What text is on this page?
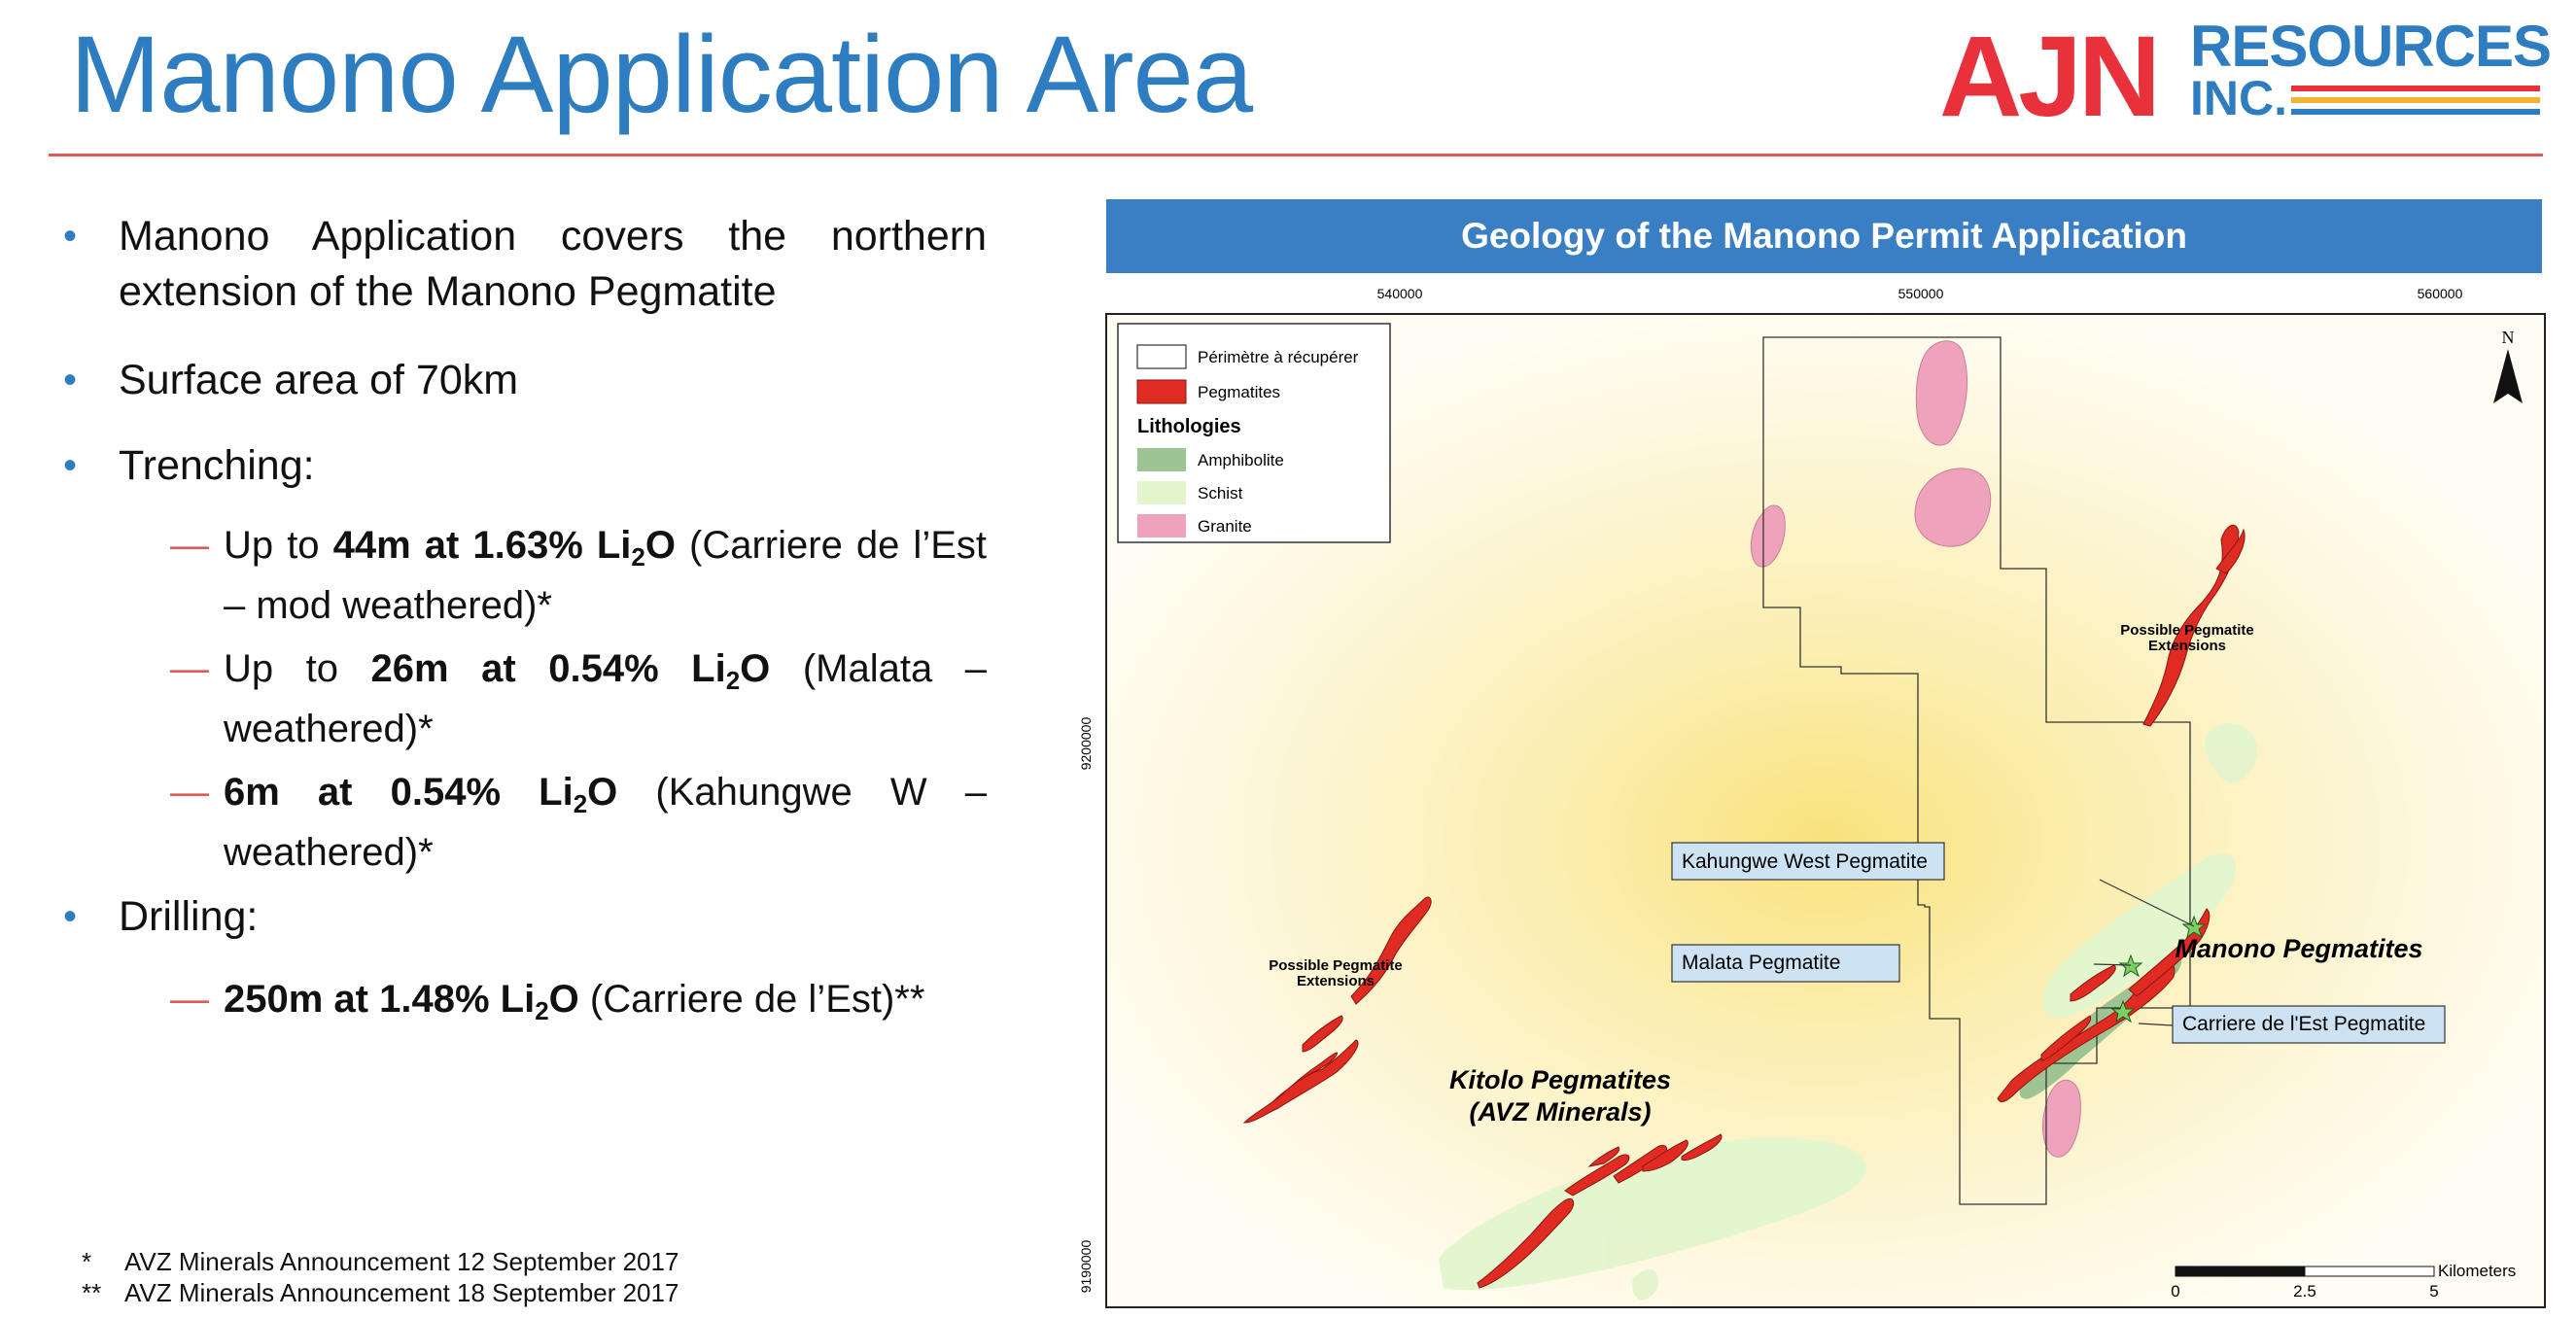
Manono Application Area	AJN RESOURCES
INC.
• Manono Application covers the northern extension of the Manono Pegmatite
• Surface area of 70km
• Trenching:
— Up to 44m at 1.63% $Li_2O$ (Carriere de l’Est – mod weathered)*
— Up to 26m at 0.54% $Li_2O$ (Malata – weathered)*
— 6m at 0.54% $Li_2O$ (Kahungwe W – weathered)*
• Drilling:
— 250m at 1.48% $Li_2O$ (Carriere de l’Est)**
* AVZ Minerals Announcement 12 September 2017
** AVZ Minerals Announcement 18 September 2017
Geology of the Manono Permit Application
540000	550000	560000
9200000
9190000
Kahungwe West Pegmatite
Malata Pegmatite
Carriere de l'Est Pegmatite
Manono Pegmatites
Kitolo Pegmatites
(AVZ Minerals)
Possible Pegmatite
Extensions
Possible Pegmatite
Extensions
N
Périmètre à récupérer
Pegmatites
Lithologies
Amphibolite
Schist
Granite
Kilometers
0	2.5	5
